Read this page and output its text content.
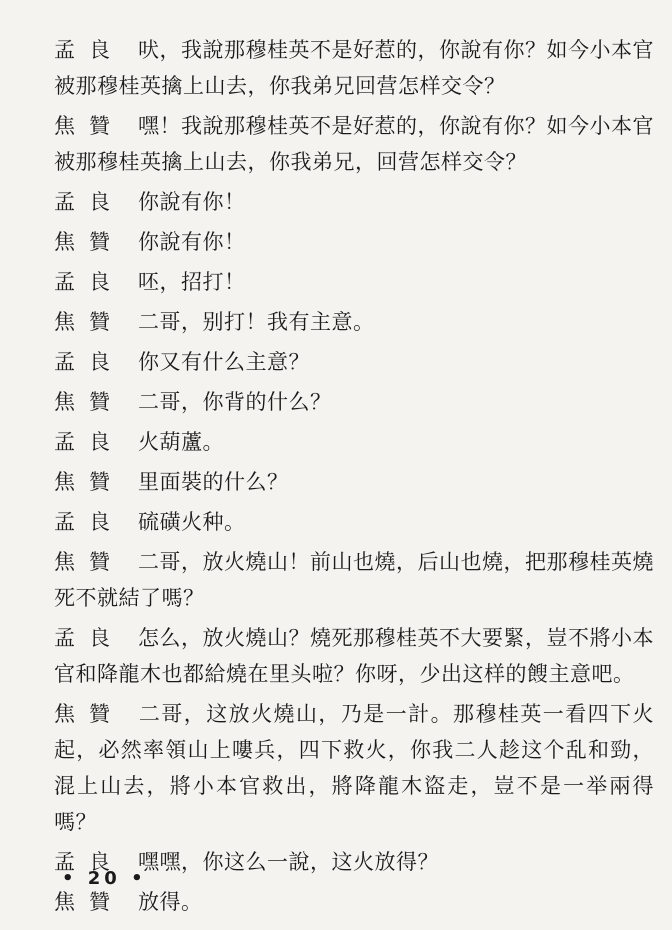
孟良 吠，我說那穆桂英不是好惹的，你說有你？如今小本官被那穆桂英擒上山去，你我弟兄回营怎样交令？
焦贊 嘿！我說那穆桂英不是好惹的，你說有你？如今小本官被那穆桂英擒上山去，你我弟兄，回营怎样交令？
孟良 你說有你！
焦贊 你說有你！
孟良 呸，招打！
焦贊 二哥，别打！我有主意。
孟良 你又有什么主意？
焦贊 二哥，你背的什么？
孟良 火葫蘆。
焦贊 里面裝的什么？
孟良 硫磺火种。
焦贊 二哥，放火燒山！前山也燒，后山也燒，把那穆桂英燒死不就結了嗎？
孟良 怎么，放火燒山？燒死那穆桂英不大要緊，豈不將小本官和降龍木也都給燒在里头啦？你呀，少出这样的餿主意吧。
焦贊 二哥，这放火燒山，乃是一計。那穆桂英一看四下火起，必然率領山上嘍兵，四下救火，你我二人趁这个乱和勁，混上山去，將小本官救出，將降龍木盜走，豈不是一举兩得嗎？
孟良 嘿嘿，你这么一說，这火放得？
焦贊 放得。
• 20 •
